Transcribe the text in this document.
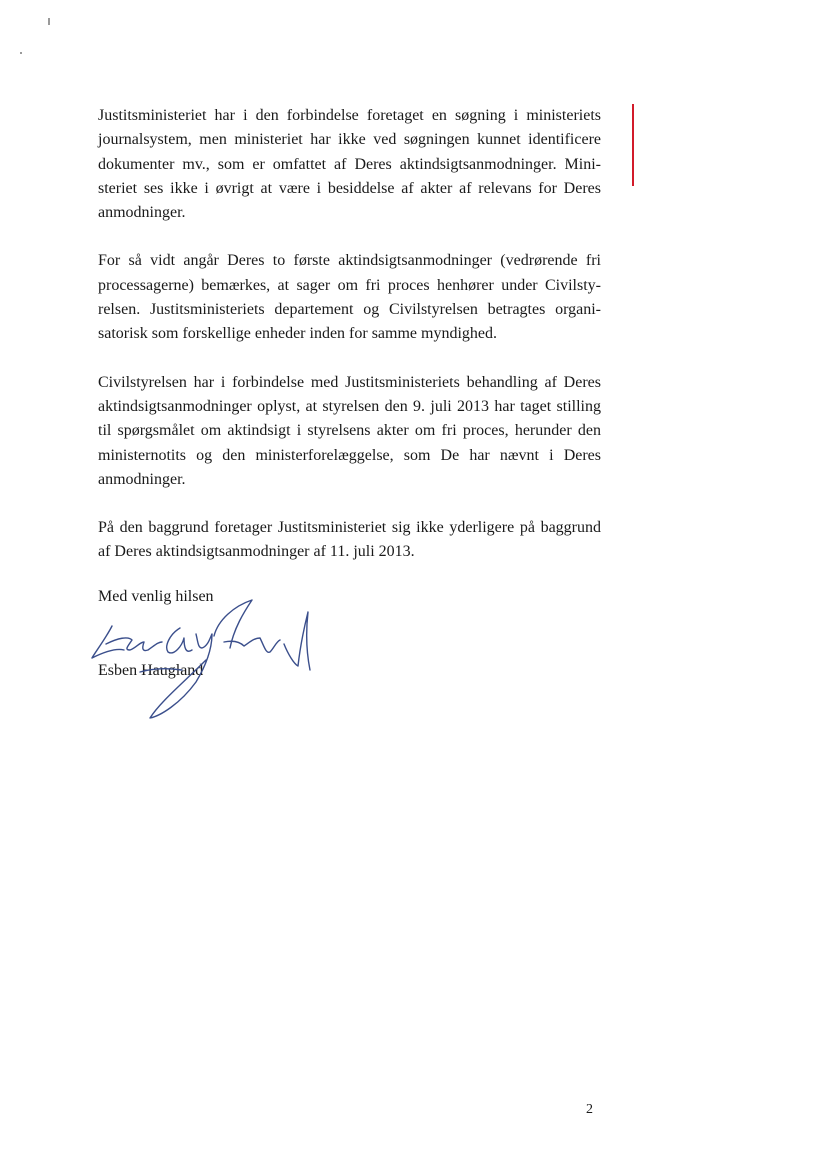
Justitsministeriet har i den forbindelse foretaget en søgning i ministeriets journalsystem, men ministeriet har ikke ved søgningen kunnet identificere dokumenter mv., som er omfattet af Deres aktindsigtsanmodninger. Ministeriet ses ikke i øvrigt at være i besiddelse af akter af relevans for Deres anmodninger.

For så vidt angår Deres to første aktindsigtsanmodninger (vedrørende fri processagerne) bemærkes, at sager om fri proces henhører under Civilstyrelsen. Justitsministeriets departement og Civilstyrelsen betragtes organisatorisk som forskellige enheder inden for samme myndighed.

Civilstyrelsen har i forbindelse med Justitsministeriets behandling af Deres aktindsigtsanmodninger oplyst, at styrelsen den 9. juli 2013 har taget stilling til spørgsmålet om aktindsigt i styrelsens akter om fri proces, herunder den ministernotits og den ministerforelæggelse, som De har nævnt i Deres anmodninger.

På den baggrund foretager Justitsministeriet sig ikke yderligere på baggrund af Deres aktindsigtsanmodninger af 11. juli 2013.

Med venlig hilsen
Esben Haugland
2
